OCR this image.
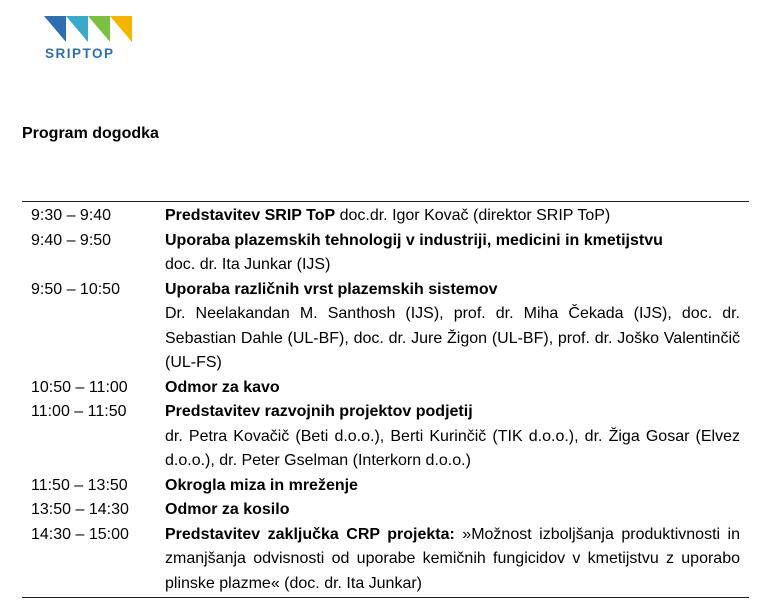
SRIPTOP
Program dogodka
9:30 – 9:40	Predstavitev SRIP ToP doc.dr. Igor Kovač (direktor SRIP ToP)
9:40 – 9:50	Uporaba plazemskih tehnologij v industriji, medicini in kmetijstvu
doc. dr. Ita Junkar (IJS)
9:50 – 10:50	Uporaba različnih vrst plazemskih sistemov
Dr. Neelakandan M. Santhosh (IJS), prof. dr. Miha Čekada (IJS), doc. dr. Sebastian Dahle (UL-BF), doc. dr. Jure Žigon (UL-BF), prof. dr. Joško Valentinčič (UL-FS)
10:50 – 11:00	Odmor za kavo
11:00 – 11:50	Predstavitev razvojnih projektov podjetij
dr. Petra Kovačič (Beti d.o.o.), Berti Kurinčič (TIK d.o.o.), dr. Žiga Gosar (Elvez d.o.o.), dr. Peter Gselman (Interkorn d.o.o.)
11:50 – 13:50	Okrogla miza in mreženje
13:50 – 14:30	Odmor za kosilo
14:30 – 15:00	Predstavitev zaključka CRP projekta: »Možnost izboljšanja produktivnosti in zmanjšanja odvisnosti od uporabe kemičnih fungicidov v kmetijstvu z uporabo plinske plazme« (doc. dr. Ita Junkar)
